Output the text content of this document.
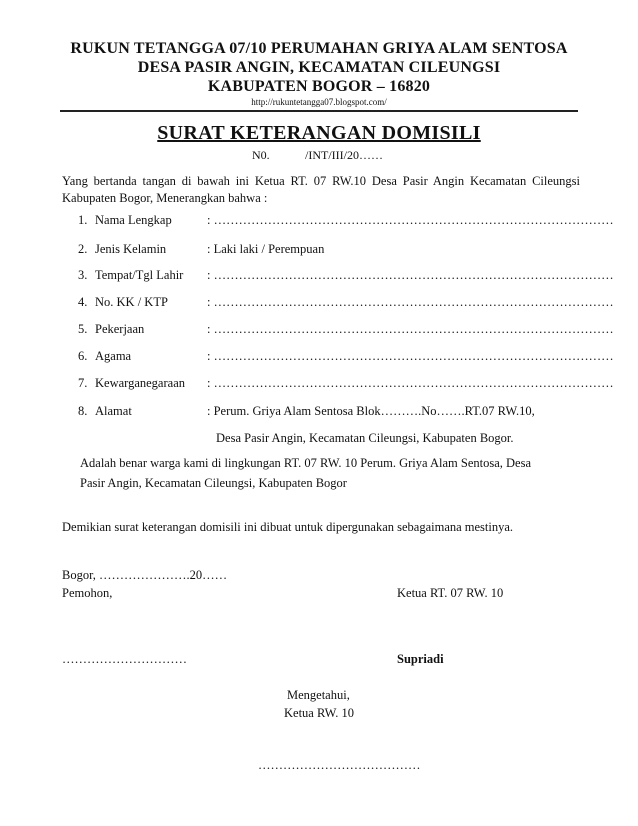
RUKUN TETANGGA 07/10 PERUMAHAN GRIYA ALAM SENTOSA
DESA PASIR ANGIN, KECAMATAN CILEUNGSI
KABUPATEN BOGOR – 16820
http://rukuntetangga07.blogspot.com/
SURAT KETERANGAN DOMISILI
N0.	/INT/III/20……
Yang bertanda tangan di bawah ini Ketua RT. 07 RW.10 Desa Pasir Angin Kecamatan Cileungsi Kabupaten Bogor, Menerangkan bahwa :
1. Nama Lengkap	: ……………………………………………………………………………………
2. Jenis Kelamin	: Laki laki / Perempuan
3. Tempat/Tgl Lahir : ……………………………………………………………………………………
4. No. KK / KTP	: ……………………………………………………………………………………
5. Pekerjaan	: ……………………………………………………………………………………
6. Agama	: ……………………………………………………………………………………
7. Kewarganegaraan : ……………………………………………………………………………………
8. Alamat	: Perum. Griya Alam Sentosa Blok……….No…….RT.07 RW.10,
Desa Pasir Angin, Kecamatan Cileungsi, Kabupaten Bogor.
Adalah benar warga kami di lingkungan RT. 07 RW. 10 Perum. Griya Alam Sentosa, Desa
Pasir Angin, Kecamatan Cileungsi, Kabupaten Bogor
Demikian surat keterangan domisili ini dibuat untuk dipergunakan sebagaimana mestinya.
Bogor, ………………….20……
Pemohon,	Ketua RT. 07 RW. 10
…………………………	Supriadi
Mengetahui,
Ketua RW. 10
…………………………………
